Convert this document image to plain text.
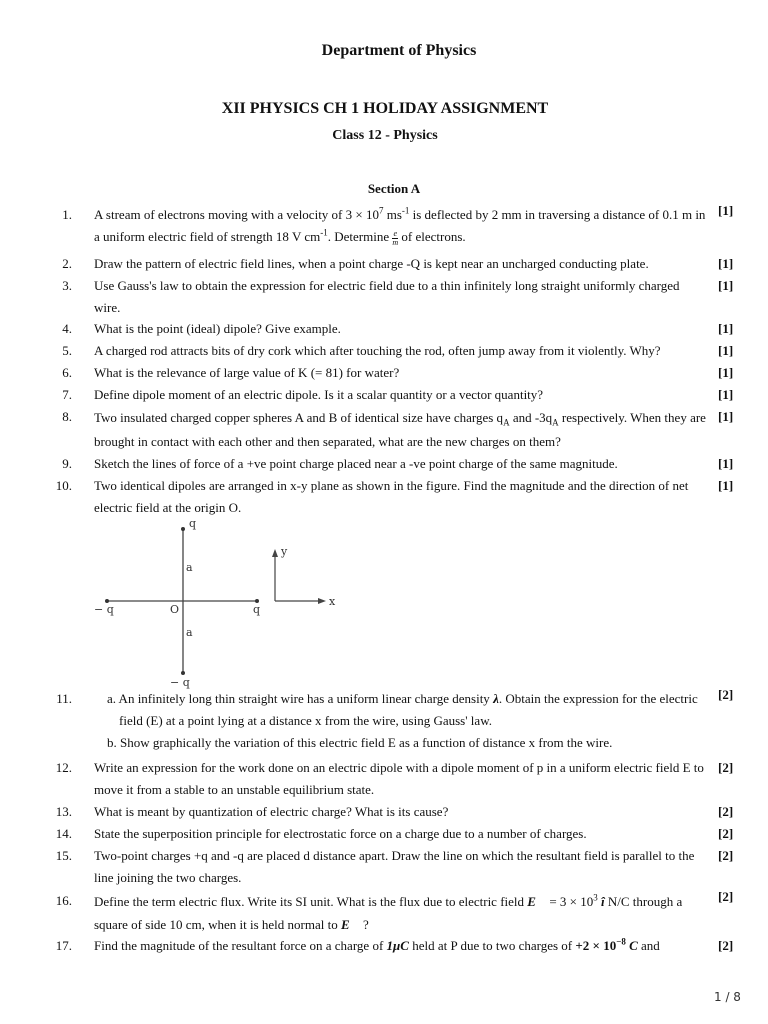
Department of Physics
XII PHYSICS CH 1 HOLIDAY ASSIGNMENT
Class 12 - Physics
Section A
1. A stream of electrons moving with a velocity of $3 \times 10^7$ $ms^{-1}$ is deflected by 2 mm in traversing a distance of 0.1 m in a uniform electric field of strength 18 V $cm^{-1}$. Determine $\frac{e}{m}$ of electrons.
[1]
2. Draw the pattern of electric field lines, when a point charge -Q is kept near an uncharged conducting plate.	[1]
3. Use Gauss's law to obtain the expression for electric field due to a thin infinitely long straight uniformly charged wire.
[1]
4. What is the point (ideal) dipole? Give example.	[1]
5. A charged rod attracts bits of dry cork which after touching the rod, often jump away from it violently. Why?	[1]
6. What is the relevance of large value of K (= 81) for water?	[1]
7. Define dipole moment of an electric dipole. Is it a scalar quantity or a vector quantity?	[1]
8. Two insulated charged copper spheres A and B of identical size have charges $q_A$ and $-3q_A$ respectively. When they are brought in contact with each other and then separated, what are the new charges on them?
[1]
9. Sketch the lines of force of a +ve point charge placed near a -ve point charge of the same magnitude.	[1]
10. Two identical dipoles are arranged in x-y plane as shown in the figure. Find the magnitude and the direction of net electric field at the origin O.
[1]
q
a
− q	O	q
a
− q
y
x
11.	a. An infinitely long thin straight wire has a uniform linear charge density λ. Obtain the expression for the electric field (E) at a point lying at a distance x from the wire, using Gauss' law.
b. Show graphically the variation of this electric field E as a function of distance x from the wire.
[2]
12. Write an expression for the work done on an electric dipole with a dipole moment of p in a uniform electric field E to move it from a stable to an unstable equilibrium state.
[2]
13. What is meant by quantization of electric charge? What is its cause?	[2]
14. State the superposition principle for electrostatic force on a charge due to a number of charges.	[2]
15. Two-point charges +q and -q are placed d distance apart. Draw the line on which the resultant field is parallel to the line joining the two charges.
[2]
16. Define the term electric flux. Write its SI unit. What is the flux due to electric field E⃗ = $3 \times 10^3$ î N/C through a square of side 10 cm, when it is held normal to E⃗ ?
[2]
17. Find the magnitude of the resultant force on a charge of 1μC held at P due to two charges of $+2 \times 10^{-8}$ C and	[2]
1 / 8
